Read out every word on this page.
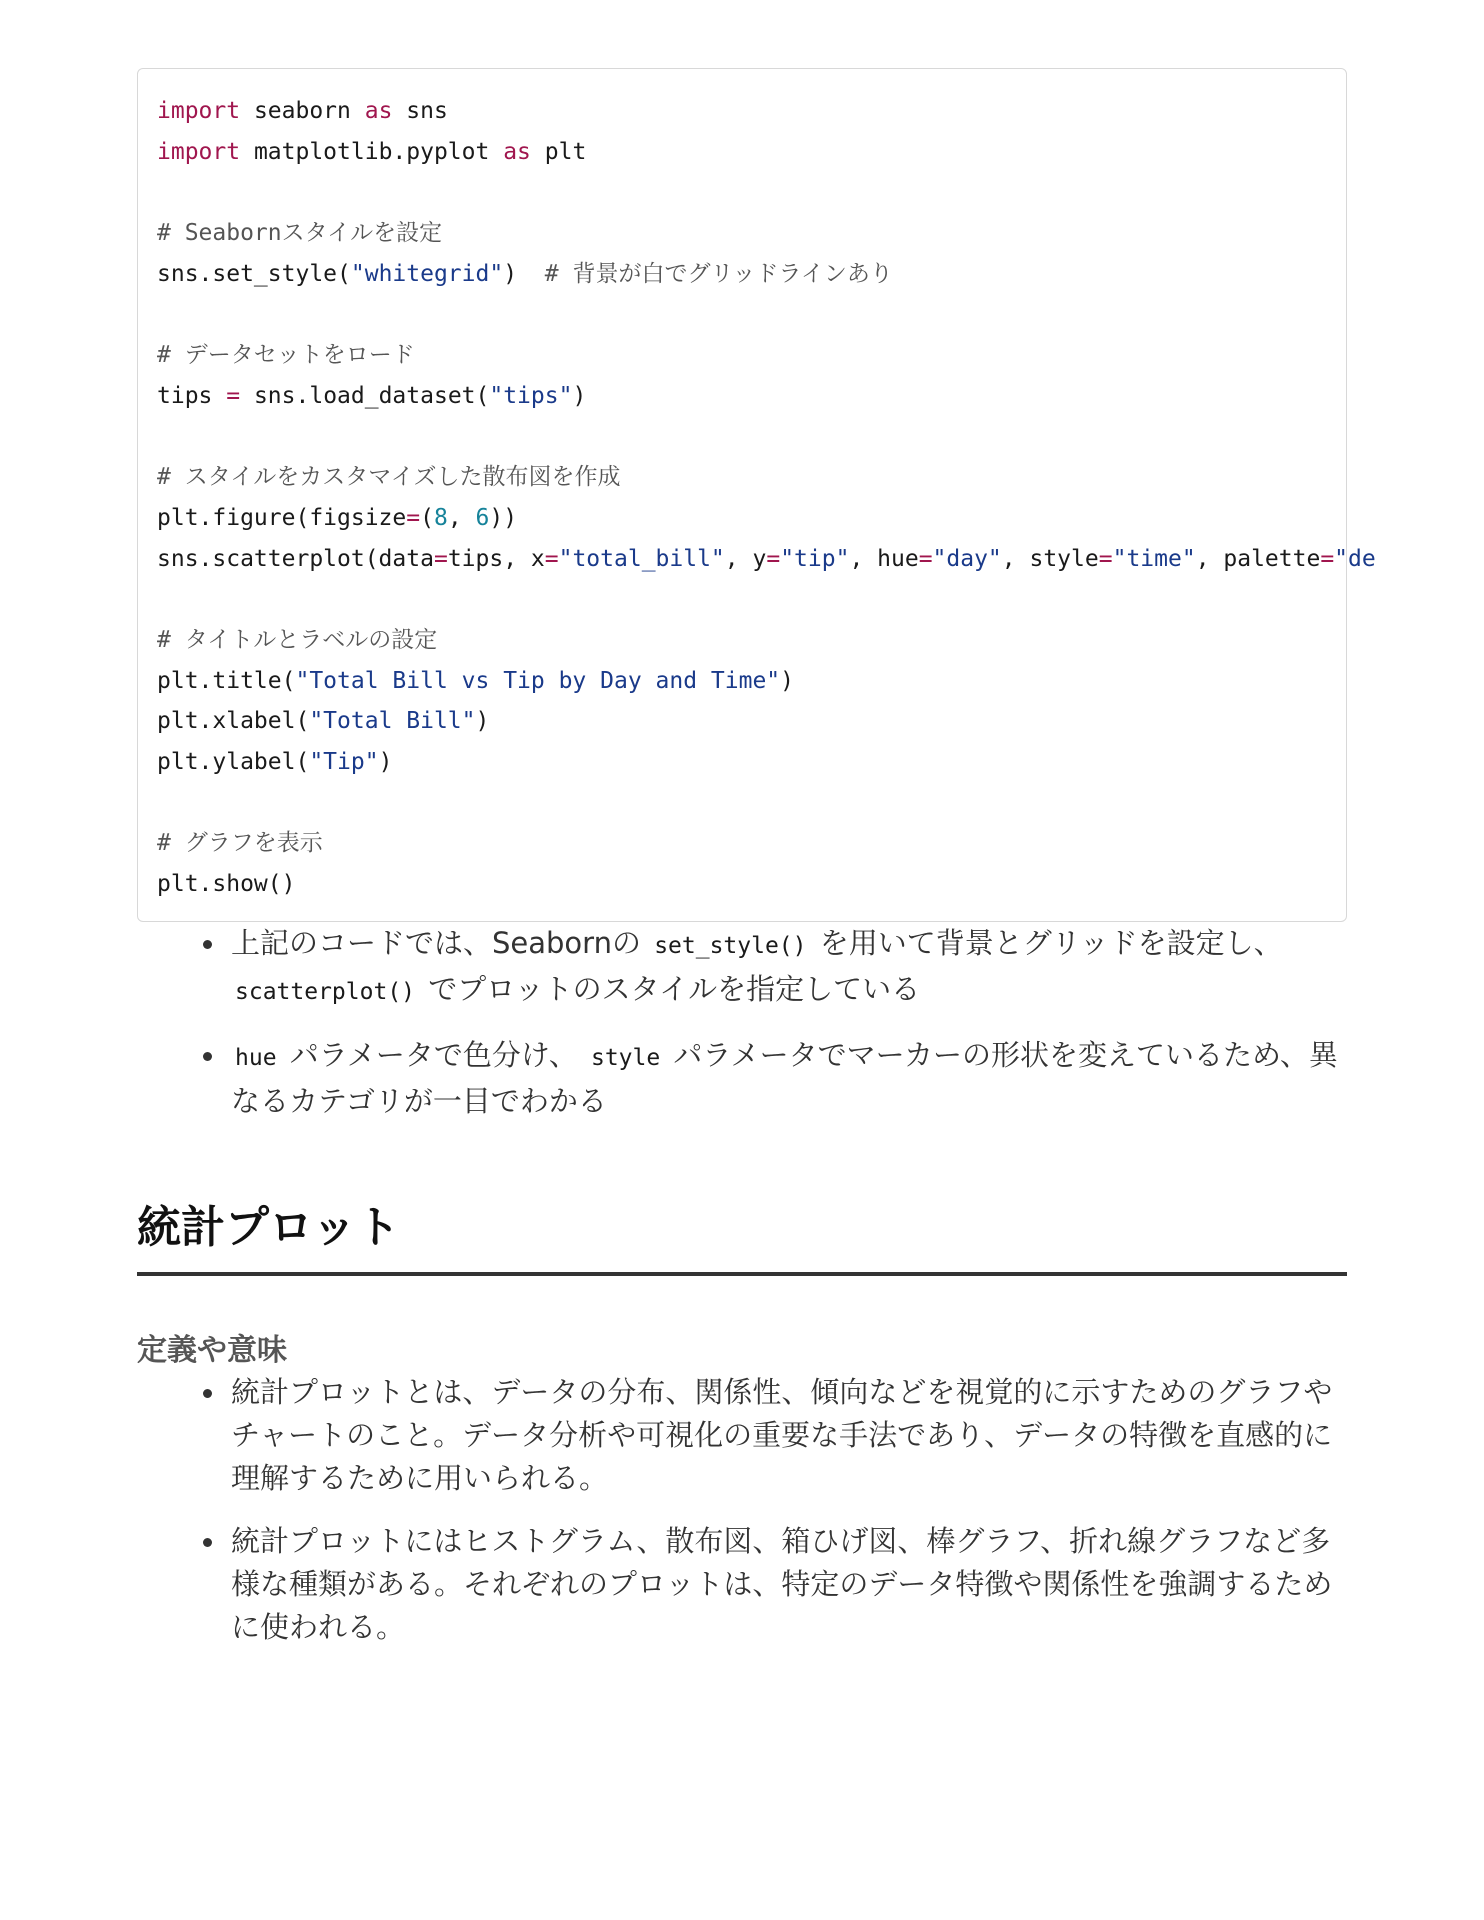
import seaborn as sns
import matplotlib.pyplot as plt
# Seabornスタイルを設定
sns.set_style("whitegrid")  # 背景が白でグリッドラインあり
# データセットをロード
tips = sns.load_dataset("tips")
# スタイルをカスタマイズした散布図を作成
plt.figure(figsize=(8, 6))
sns.scatterplot(data=tips, x="total_bill", y="tip", hue="day", style="time", palette="de
# タイトルとラベルの設定
plt.title("Total Bill vs Tip by Day and Time")
plt.xlabel("Total Bill")
plt.ylabel("Tip")
# グラフを表示
plt.show()
上記のコードでは、Seabornの set_style() を用いて背景とグリッドを設定し、 scatterplot() でプロットのスタイルを指定している
hue パラメータで色分け、 style パラメータでマーカーの形状を変えているため、異なるカテゴリが一目でわかる
統計プロット
定義や意味
統計プロットとは、データの分布、関係性、傾向などを視覚的に示すためのグラフやチャートのこと。データ分析や可視化の重要な手法であり、データの特徴を直感的に理解するために用いられる。
統計プロットにはヒストグラム、散布図、箱ひげ図、棒グラフ、折れ線グラフなど多様な種類がある。それぞれのプロットは、特定のデータ特徴や関係性を強調するために使われる。
